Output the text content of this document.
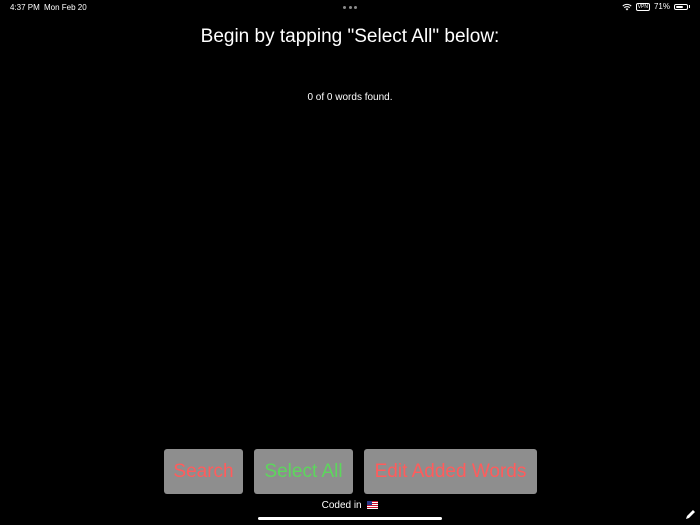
4:37 PM Mon Feb 20	VPN 71%
Begin by tapping "Select All" below:
0 of 0 words found.
Search	Select All	Edit Added Words
Coded in
